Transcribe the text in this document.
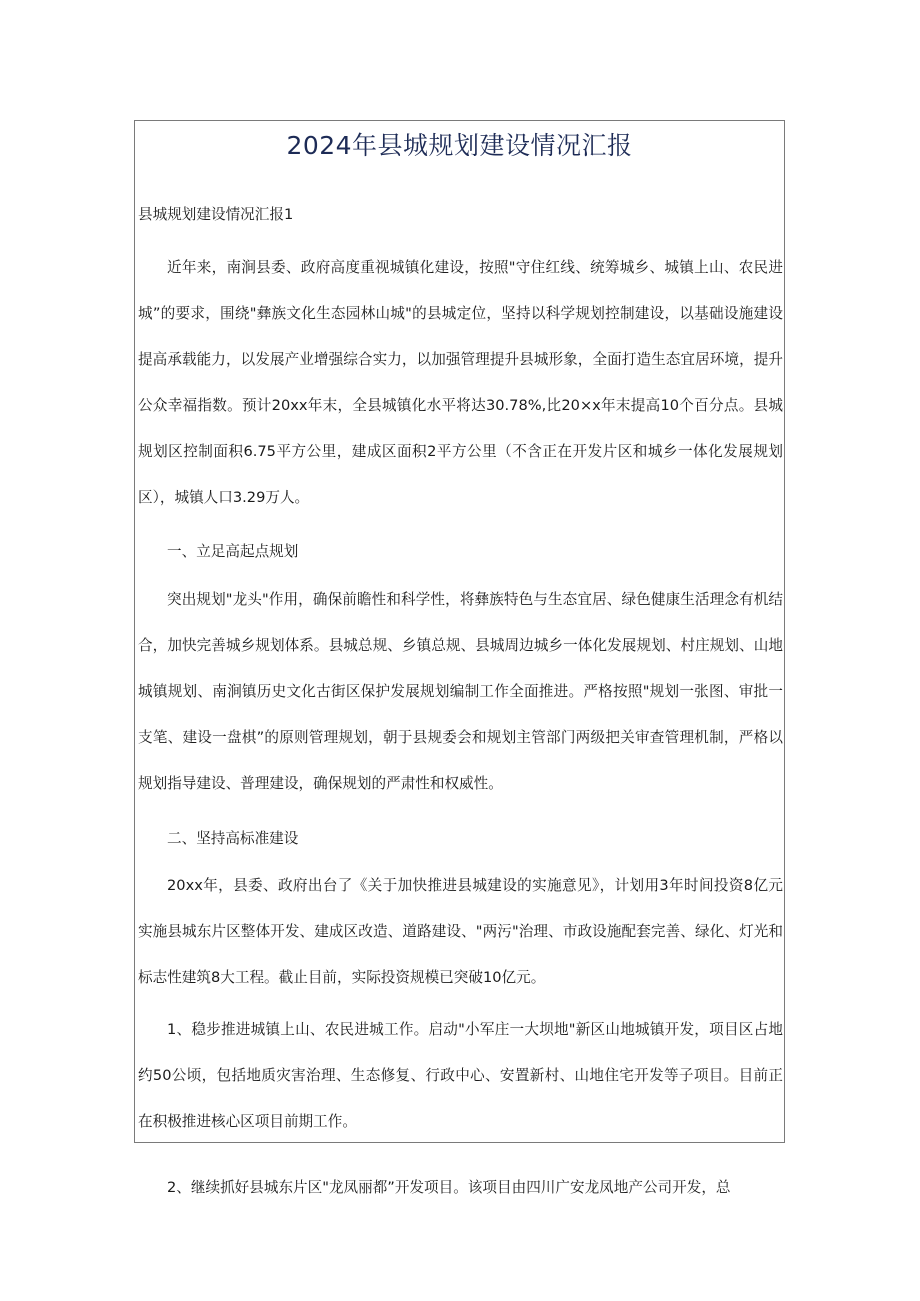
2024年县城规划建设情况汇报

县城规划建设情况汇报1

近年来，南涧县委、政府高度重视城镇化建设，按照"守住红线、统筹城乡、城镇上山、农民进城”的要求，围绕"彝族文化生态园林山城"的县城定位，坚持以科学规划控制建设，以基础设施建设提高承载能力，以发展产业增强综合实力，以加强管理提升县城形象，全面打造生态宜居环境，提升公众幸福指数。预计20xx年末，全县城镇化水平将达30.78%,比20×x年末提高10个百分点。县城规划区控制面积6.75平方公里，建成区面积2平方公里（不含正在开发片区和城乡一体化发展规划区），城镇人口3.29万人。

一、立足高起点规划

突出规划"龙头"作用，确保前瞻性和科学性，将彝族特色与生态宜居、绿色健康生活理念有机结合，加快完善城乡规划体系。县城总规、乡镇总规、县城周边城乡一体化发展规划、村庄规划、山地城镇规划、南涧镇历史文化古街区保护发展规划编制工作全面推进。严格按照"规划一张图、审批一支笔、建设一盘棋”的原则管理规划，朝于县规委会和规划主管部门两级把关审查管理机制，严格以规划指导建设、普理建设，确保规划的严肃性和权威性。

二、坚持高标准建设

20xx年，县委、政府出台了《关于加快推进县城建设的实施意见》，计划用3年时间投资8亿元实施县城东片区整体开发、建成区改造、道路建设、"两污"治理、市政设施配套完善、绿化、灯光和标志性建筑8大工程。截止目前，实际投资规模已突破10亿元。

1、稳步推进城镇上山、农民进城工作。启动"小军庄一大坝地"新区山地城镇开发，项目区占地约50公顷，包括地质灾害治理、生态修复、行政中心、安置新村、山地住宅开发等子项目。目前正在积极推进核心区项目前期工作。

2、继续抓好县城东片区"龙凤丽都”开发项目。该项目由四川广安龙凤地产公司开发，总
